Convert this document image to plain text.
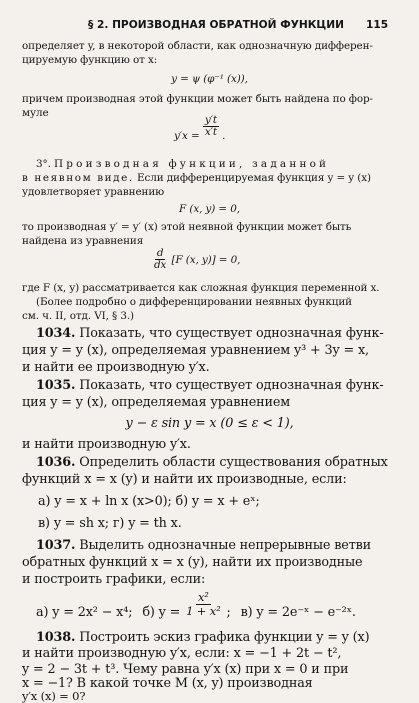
§ 2. ПРОИЗВОДНАЯ ОБРАТНОЙ ФУНКЦИИ	115
определяет y, в некоторой области, как однозначную дифферен-
цируемую функцию от x:
y = ψ (φ⁻¹ (x)),
причем производная этой функции может быть найдена по фор-
муле
$y'x = \frac{y't}{x't}$ .
3°. Производная функции, заданной
в неявном виде. Если дифференцируемая функция y = y (x)
удовлетворяет уравнению
F (x, y) = 0,
то производная y′ = y′ (x) этой неявной функции может быть
найдена из уравнения
$\frac{d}{dx} [F$ (x, y)] = 0,
где F (x, y) рассматривается как сложная функция переменной x.
(Более подробно о дифференцировании неявных функций
см. ч. II, отд. VI, § 3.)
1034. Показать, что существует однозначная функ-
ция y = y (x), определяемая уравнением y³ + 3y = x,
и найти ее производную y′x.
1035. Показать, что существует однозначная функ-
ция y = y (x), определяемая уравнением
y − ε sin y = x (0 ≤ ε < 1),
и найти производную y′x.
1036. Определить области существования обратных
функций x = x (y) и найти их производные, если:
а) y = x + ln x (x>0); б) y = x + eˣ;
в) y = sh x; г) y = th x.
1037. Выделить однозначные непрерывные ветви
обратных функций x = x (y), найти их производные
и построить графики, если:
а) y = 2x² − x⁴; б) $y = \frac{\text{x²}}{\text{1 + x²}}$ ; в) y = 2e⁻ˣ − e⁻²ˣ.
1038. Построить эскиз графика функции y = y (x)
и найти производную y′x, если: x = −1 + 2t − t²,
y = 2 − 3t + t³. Чему равна y′x (x) при x = 0 и при
x = −1? В какой точке M (x, y) производная
y′x (x) = 0?
